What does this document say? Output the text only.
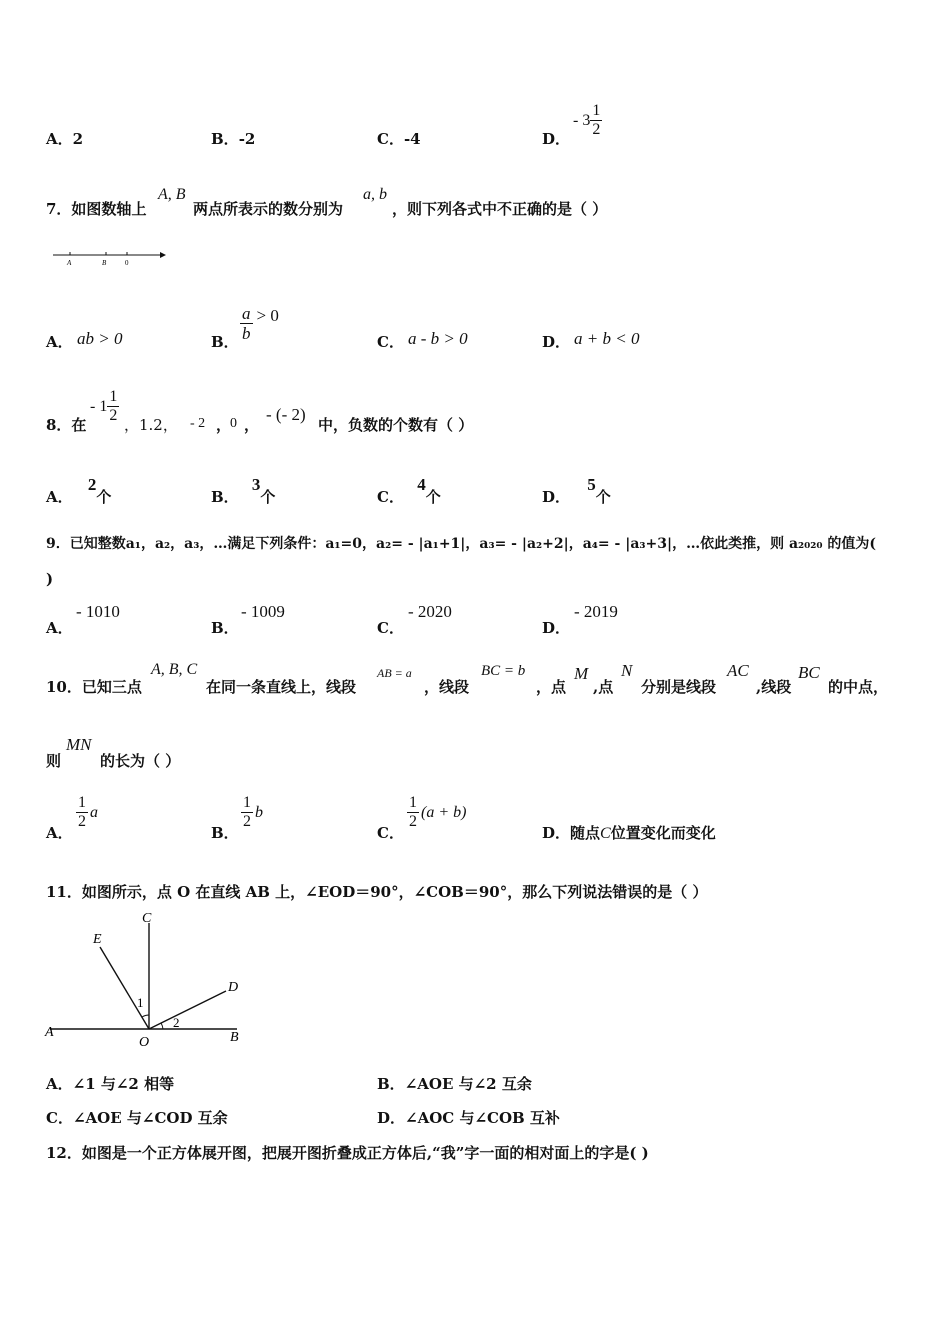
A．2	B．-2	C．-4	D．
- $3 \frac{1}{2}$
7．如图数轴上
A, B
两点所表示的数分别为
a, b
，则下列各式中不正确的是（ ）
A	B	0
A． ab > 0	B． $\frac{a}{b} > 0$
C． a - b > 0	D． a + b < 0
8．在
- $1 \frac{1}{2}$
，1.2， - 2 ，
0 ，
- (- 2)
中，负数的个数有（ ）
A． 2个	B． 3个	C． 4个	D． 5个
9．已知整数a₁，a₂，a₃，…满足下列条件：a₁=0，a₂= - |a₁+1|，a₃= - |a₂+2|，a₄= - |a₃+3|，…依此类推，则 a₂₀₂₀ 的值为(
)
A．
- 1010
B．
- 1009
C．
- 2020
D．
- 2019
10．已知三点
A, B, C
在同一条直线上，线段
AB = a
，线段
BC = b
，点
M
,点
N
分别是线段
AC
,线段
BC
的中点，
则
MN
的长为（ ）
A．
$\frac{1}{2}$ a
B．
$\frac{1}{2}$ b
C．
$\frac{1}{2} (a + b)$
D．随点C位置变化而变化
11．如图所示，点 O 在直线 AB 上，∠EOD＝90°，∠COB＝90°，那么下列说法错误的是（ ）
C
E
D
A
O	B
1
2
A．∠1 与∠2 相等	B．∠AOE 与∠2 互余
C．∠AOE 与∠COD 互余	D．∠AOC 与∠COB 互补
12．如图是一个正方体展开图，把展开图折叠成正方体后,“我”字一面的相对面上的字是( )
